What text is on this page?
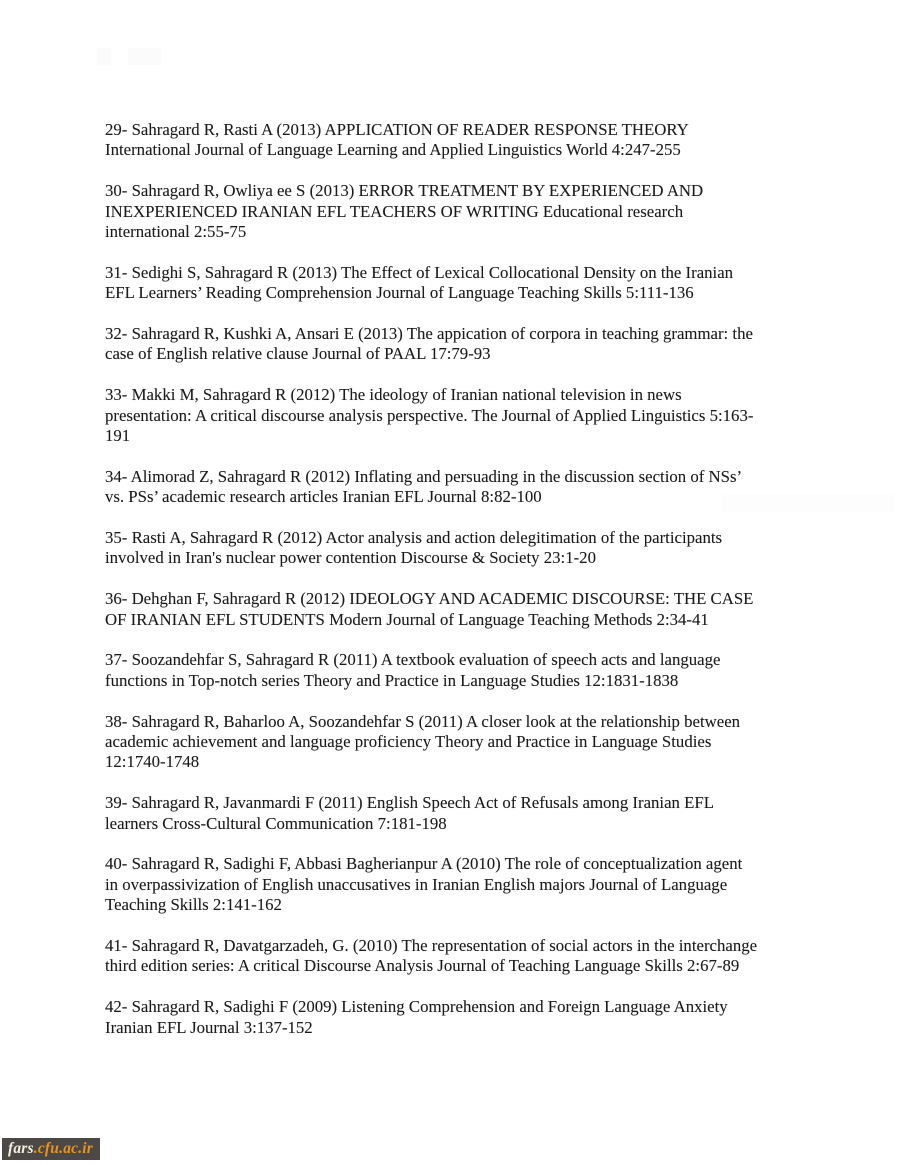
29- Sahragard R, Rasti A (2013) APPLICATION OF READER RESPONSE THEORY
International Journal of Language Learning and Applied Linguistics World 4:247-255
30- Sahragard R, Owliya ee S (2013) ERROR TREATMENT BY EXPERIENCED AND
INEXPERIENCED IRANIAN EFL TEACHERS OF WRITING Educational research
international 2:55-75
31- Sedighi S, Sahragard R (2013) The Effect of Lexical Collocational Density on the Iranian
EFL Learners’ Reading Comprehension Journal of Language Teaching Skills 5:111-136
32- Sahragard R, Kushki A, Ansari E (2013) The appication of corpora in teaching grammar: the
case of English relative clause Journal of PAAL 17:79-93
33- Makki M, Sahragard R (2012) The ideology of Iranian national television in news
presentation: A critical discourse analysis perspective. The Journal of Applied Linguistics 5:163-
191
34- Alimorad Z, Sahragard R (2012) Inflating and persuading in the discussion section of NSs’
vs. PSs’ academic research articles Iranian EFL Journal 8:82-100
35- Rasti A, Sahragard R (2012) Actor analysis and action delegitimation of the participants
involved in Iran's nuclear power contention Discourse & Society 23:1-20
36- Dehghan F, Sahragard R (2012) IDEOLOGY AND ACADEMIC DISCOURSE: THE CASE
OF IRANIAN EFL STUDENTS Modern Journal of Language Teaching Methods 2:34-41
37- Soozandehfar S, Sahragard R (2011) A textbook evaluation of speech acts and language
functions in Top-notch series Theory and Practice in Language Studies 12:1831-1838
38- Sahragard R, Baharloo A, Soozandehfar S (2011) A closer look at the relationship between
academic achievement and language proficiency Theory and Practice in Language Studies
12:1740-1748
39- Sahragard R, Javanmardi F (2011) English Speech Act of Refusals among Iranian EFL
learners Cross-Cultural Communication 7:181-198
40- Sahragard R, Sadighi F, Abbasi Bagherianpur A (2010) The role of conceptualization agent
in overpassivization of English unaccusatives in Iranian English majors Journal of Language
Teaching Skills 2:141-162
41- Sahragard R, Davatgarzadeh, G. (2010) The representation of social actors in the interchange
third edition series: A critical Discourse Analysis Journal of Teaching Language Skills 2:67-89
42- Sahragard R, Sadighi F (2009) Listening Comprehension and Foreign Language Anxiety
Iranian EFL Journal 3:137-152
fars .cfu.ac.ir
